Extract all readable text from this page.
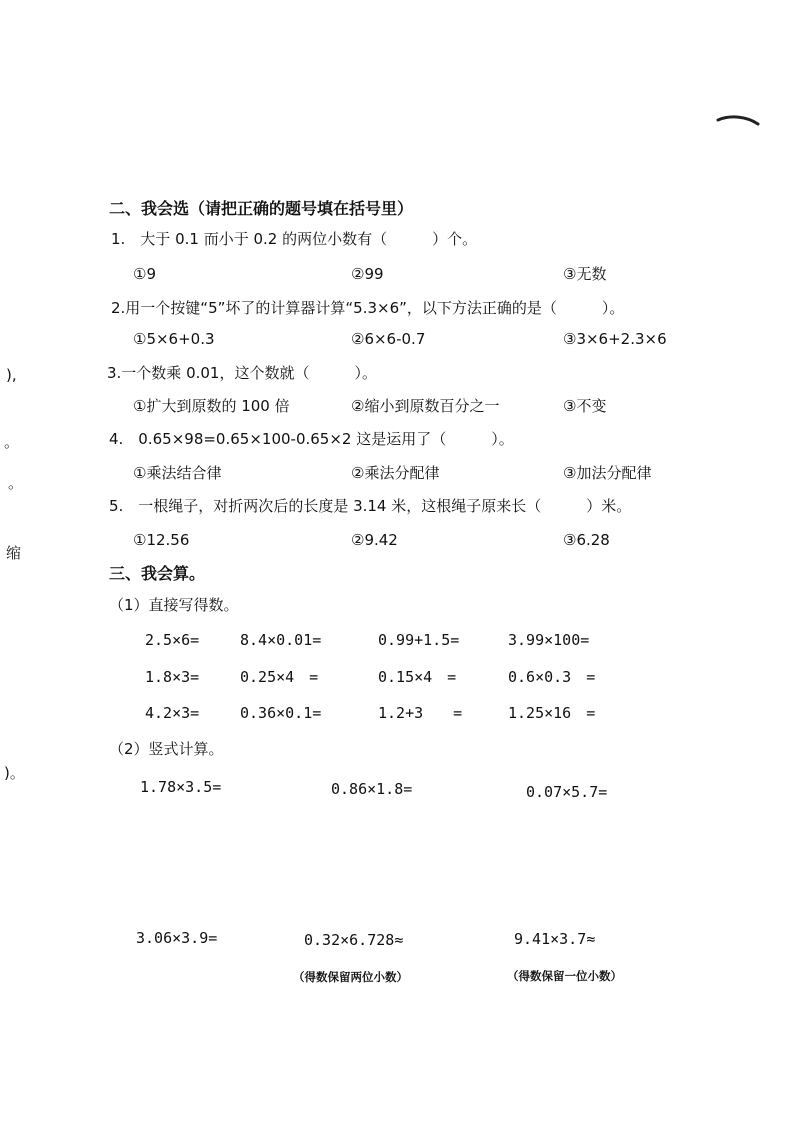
),
。
。
缩
)。
二、我会选（请把正确的题号填在括号里）
1.　大于 0.1 而小于 0.2 的两位小数有（　　　）个。
①9	②99	③无数
2.用一个按键“5”坏了的计算器计算“5.3×6”，以下方法正确的是（　　　）。
①5×6+0.3	②6×6-0.7	③3×6+2.3×6
3.一个数乘 0.01，这个数就（　　　）。
①扩大到原数的 100 倍	②缩小到原数百分之一	③不变
4.　0.65×98=0.65×100-0.65×2 这是运用了（　　　）。
①乘法结合律	②乘法分配律	③加法分配律
5.　一根绳子，对折两次后的长度是 3.14 米，这根绳子原来长（　　　）米。
①12.56	②9.42	③6.28
三、我会算。
（1）直接写得数。
2.5×6=	8.4×0.01=	0.99+1.5=	3.99×100=
1.8×3=	0.25×4　=	0.15×4　=	0.6×0.3　=
4.2×3=	0.36×0.1=	1.2+3　　=	1.25×16　=
（2）竖式计算。
1.78×3.5=	0.86×1.8=	0.07×5.7=
3.06×3.9=	0.32×6.728≈	9.41×3.7≈
（得数保留两位小数）	（得数保留一位小数）
